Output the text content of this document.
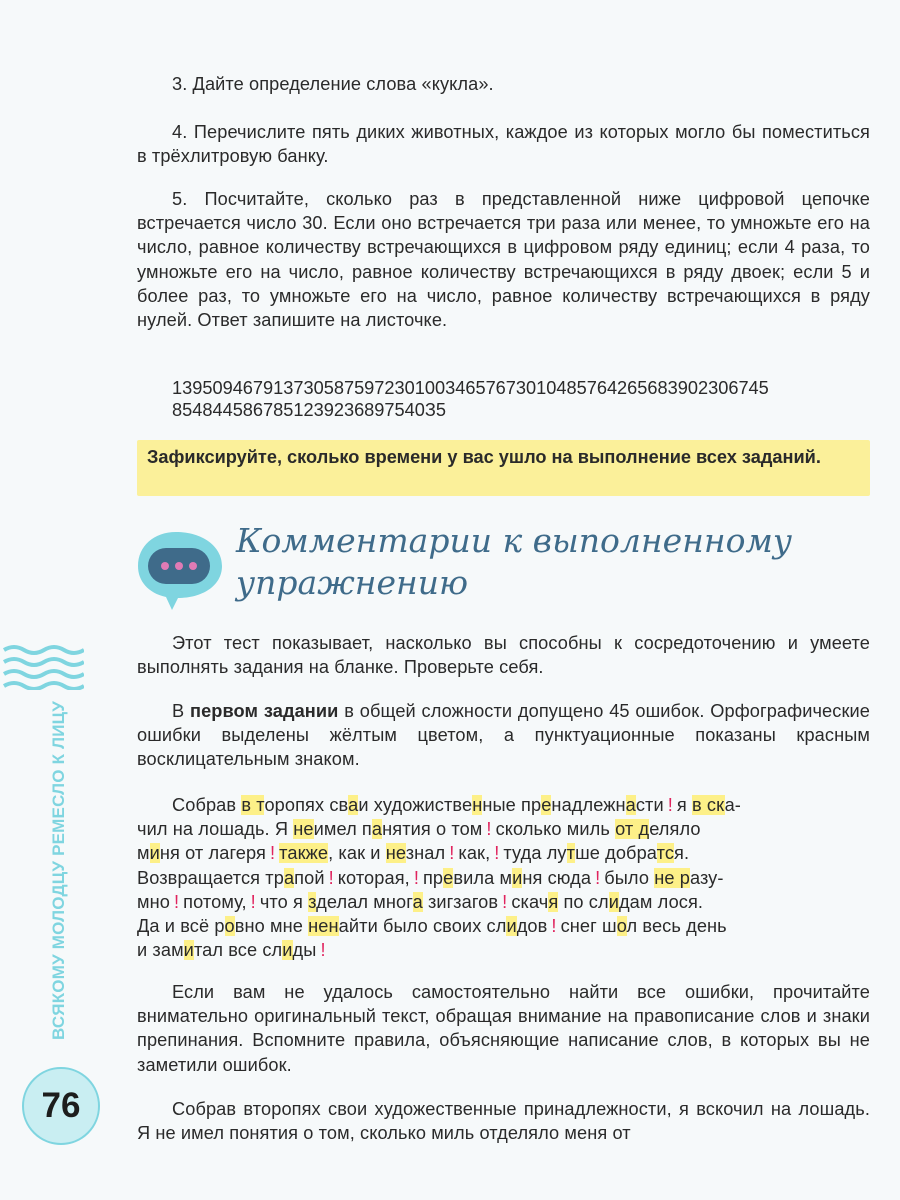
ВСЯКОМУ МОЛОДЦУ РЕМЕСЛО К ЛИЦУ
76

3. Дайте определение слова «кукла».

4. Перечислите пять диких животных, каждое из которых могло бы поместиться в трёхлитровую банку.

5. Посчитайте, сколько раз в представленной ниже цифровой цепочке встречается число 30. Если оно встречается три раза или менее, то умножьте его на число, равное количеству встречающихся в цифровом ряду единиц; если 4 раза, то умножьте его на число, равное количеству встречающихся в ряду двоек; если 5 и более раз, то умножьте его на число, равное количеству встречающихся в ряду нулей. Ответ запишите на листочке.

13950946791373058759723010034657673010485764265683902306745
8548445867851239236897540З5
Зафиксируйте, сколько времени у вас ушло на выполнение всех заданий.
Комментарии к выполненному
упражнению

Этот тест показывает, насколько вы способны к сосредоточению и умеете выполнять задания на бланке. Проверьте себя.

В первом задании в общей сложности допущено 45 ошибок. Орфографические ошибки выделены жёлтым цветом, а пунктуационные показаны красным восклицательным знаком.

Собрав в торопях сваи художиственные пренадлежнасти ! я в ска-
чил на лошадь. Я неимел панятия о том ! сколько миль от деляло
миня от лагеря ! также, как и незнал ! как, ! туда лутше добратся.
Возвращается трапой ! которая, ! превила миня сюда ! было не разу-
мно ! потому, ! что я зделал многа зигзагов ! скачя по слидам лося.
Да и всё ровно мне ненайти было своих слидов ! снег шол весь день
и замитал все слиды !

Если вам не удалось самостоятельно найти все ошибки, прочитайте внимательно оригинальный текст, обращая внимание на правописание слов и знаки препинания. Вспомните правила, объясняющие написание слов, в которых вы не заметили ошибок.

Собрав второпях свои художественные принадлежности, я вскочил на лошадь. Я не имел понятия о том, сколько миль отделяло меня от
